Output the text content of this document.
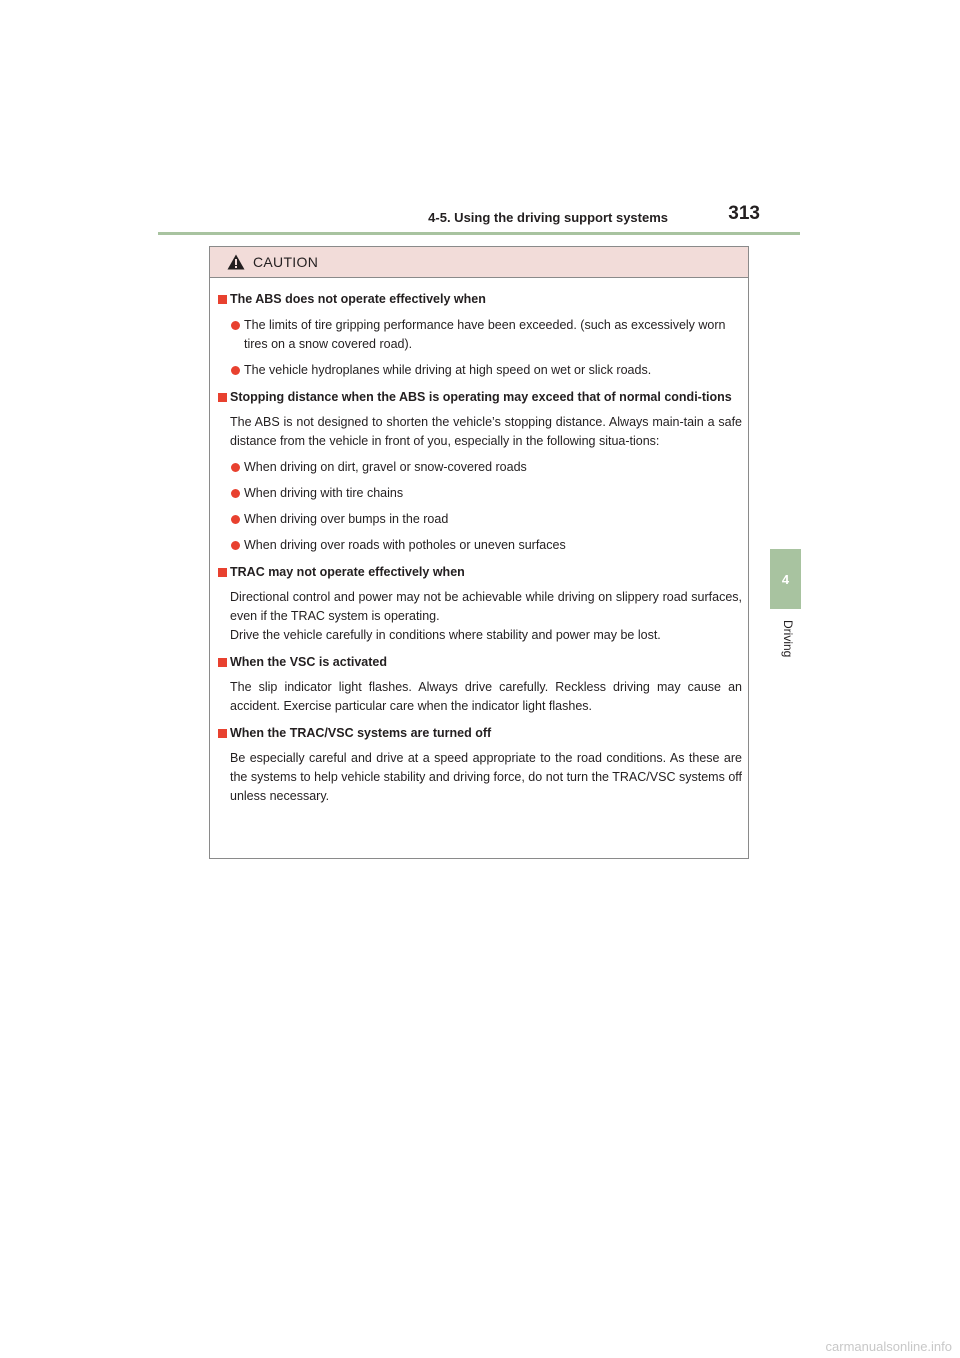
4-5. Using the driving support systems	313
4
Driving
CAUTION
The ABS does not operate effectively when
The limits of tire gripping performance have been exceeded. (such as excessively worn tires on a snow covered road).
The vehicle hydroplanes while driving at high speed on wet or slick roads.
Stopping distance when the ABS is operating may exceed that of normal condi-tions
The ABS is not designed to shorten the vehicle’s stopping distance. Always main-tain a safe distance from the vehicle in front of you, especially in the following situa-tions:
When driving on dirt, gravel or snow-covered roads
When driving with tire chains
When driving over bumps in the road
When driving over roads with potholes or uneven surfaces
TRAC may not operate effectively when
Directional control and power may not be achievable while driving on slippery road surfaces, even if the TRAC system is operating.
Drive the vehicle carefully in conditions where stability and power may be lost.
When the VSC is activated
The slip indicator light flashes. Always drive carefully. Reckless driving may cause an accident. Exercise particular care when the indicator light flashes.
When the TRAC/VSC systems are turned off
Be especially careful and drive at a speed appropriate to the road conditions. As these are the systems to help vehicle stability and driving force, do not turn the TRAC/VSC systems off unless necessary.
carmanualsonline.info
